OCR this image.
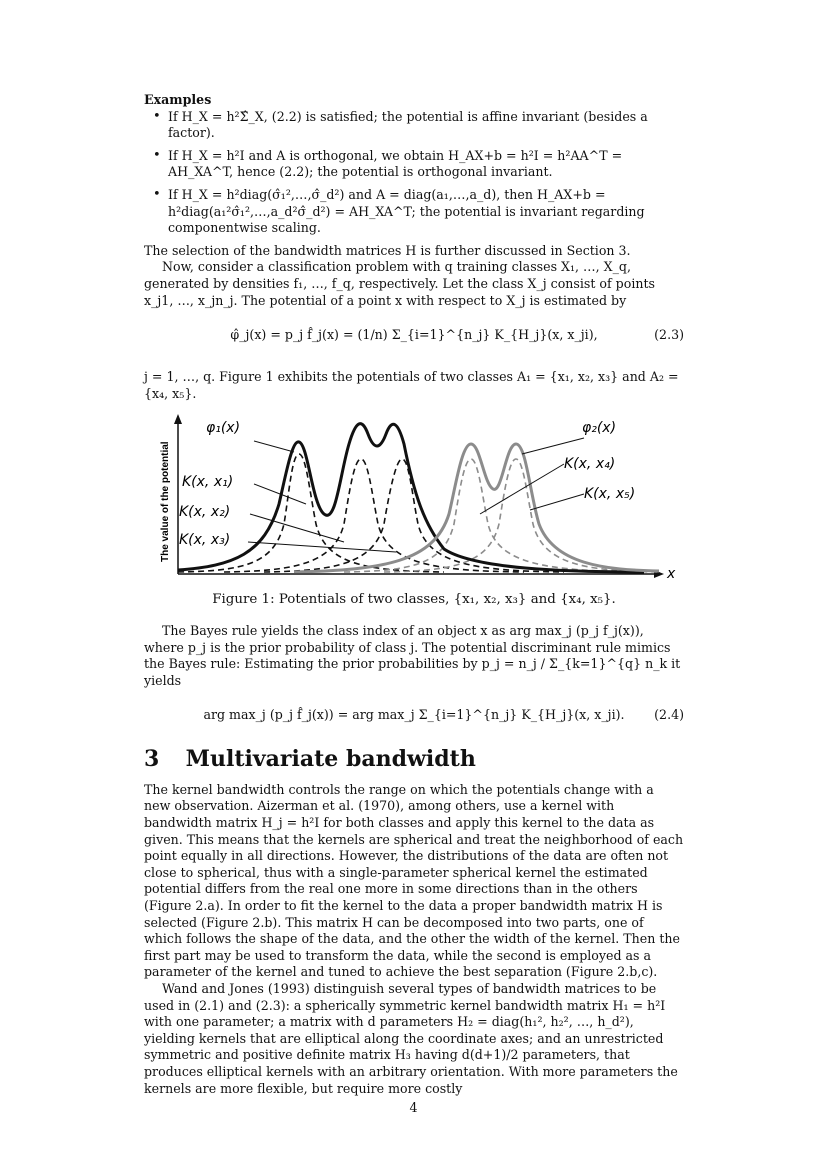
Examples
• If H_X = h²Σ̂_X, (2.2) is satisfied; the potential is affine invariant (besides a factor).
• If H_X = h²I and A is orthogonal, we obtain H_AX+b = h²I = h²AA^T = AH_XA^T, hence (2.2); the potential is orthogonal invariant.
• If H_X = h²diag(σ̂₁²,…,σ̂_d²) and A = diag(a₁,…,a_d), then H_AX+b = h²diag(a₁²σ̂₁²,…,a_d²σ̂_d²) = AH_XA^T; the potential is invariant regarding componentwise scaling.

The selection of the bandwidth matrices H is further discussed in Section 3.

Now, consider a classification problem with q training classes X₁, …, X_q, generated by densities f₁, …, f_q, respectively. Let the class X_j consist of points x_j1, …, x_jn_j. The potential of a point x with respect to X_j is estimated by

φ̂_j(x) = p_j f̂_j(x) = (1/n) Σ_{i=1}^{n_j} K_{H_j}(x, x_ji),	(2.3)

j = 1, …, q. Figure 1 exhibits the potentials of two classes A₁ = {x₁, x₂, x₃} and A₂ = {x₄, x₅}.

The value of the potential
x
φ₁(x)	φ₂(x)
K(x, x₁)
K(x, x₂)
K(x, x₃)
K(x, x₄)
K(x, x₅)
Figure 1: Potentials of two classes, {x₁, x₂, x₃} and {x₄, x₅}.

The Bayes rule yields the class index of an object x as arg max_j (p_j f_j(x)), where p_j is the prior probability of class j. The potential discriminant rule mimics the Bayes rule: Estimating the prior probabilities by p_j = n_j / Σ_{k=1}^{q} n_k it yields

arg max_j (p_j f̂_j(x)) = arg max_j Σ_{i=1}^{n_j} K_{H_j}(x, x_ji).	(2.4)
3 Multivariate bandwidth

The kernel bandwidth controls the range on which the potentials change with a new observation. Aizerman et al. (1970), among others, use a kernel with bandwidth matrix H_j = h²I for both classes and apply this kernel to the data as given. This means that the kernels are spherical and treat the neighborhood of each point equally in all directions. However, the distributions of the data are often not close to spherical, thus with a single-parameter spherical kernel the estimated potential differs from the real one more in some directions than in the others (Figure 2.a). In order to fit the kernel to the data a proper bandwidth matrix H is selected (Figure 2.b). This matrix H can be decomposed into two parts, one of which follows the shape of the data, and the other the width of the kernel. Then the first part may be used to transform the data, while the second is employed as a parameter of the kernel and tuned to achieve the best separation (Figure 2.b,c).

Wand and Jones (1993) distinguish several types of bandwidth matrices to be used in (2.1) and (2.3): a spherically symmetric kernel bandwidth matrix H₁ = h²I with one parameter; a matrix with d parameters H₂ = diag(h₁², h₂², …, h_d²), yielding kernels that are elliptical along the coordinate axes; and an unrestricted symmetric and positive definite matrix H₃ having d(d+1)/2 parameters, that produces elliptical kernels with an arbitrary orientation. With more parameters the kernels are more flexible, but require more costly

4
